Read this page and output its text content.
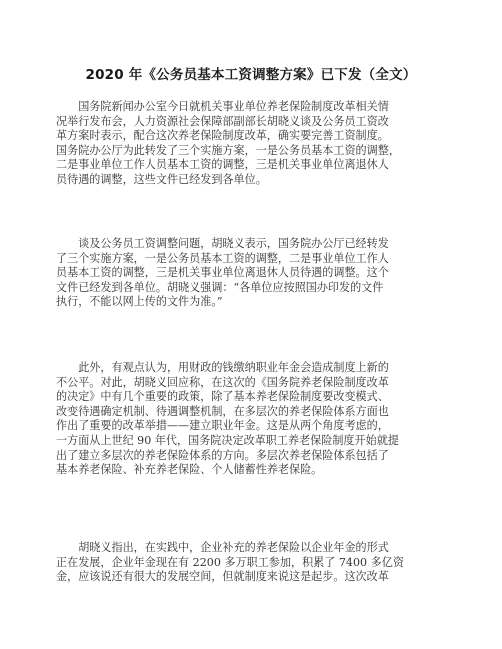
2020 年《公务员基本工资调整方案》已下发（全文）
　　国务院新闻办公室今日就机关事业单位养老保险制度改革相关情
况举行发布会，人力资源社会保障部副部长胡晓义谈及公务员工资改
革方案时表示，配合这次养老保险制度改革，确实要完善工资制度。
国务院办公厅为此转发了三个实施方案，一是公务员基本工资的调整，
二是事业单位工作人员基本工资的调整，三是机关事业单位离退休人
员待遇的调整，这些文件已经发到各单位。
　　谈及公务员工资调整问题，胡晓义表示，国务院办公厅已经转发
了三个实施方案，一是公务员基本工资的调整，二是事业单位工作人
员基本工资的调整，三是机关事业单位离退休人员待遇的调整。这个
文件已经发到各单位。胡晓义强调：“各单位应按照国办印发的文件
执行，不能以网上传的文件为准。”
　　此外，有观点认为，用财政的钱缴纳职业年金会造成制度上新的
不公平。对此，胡晓义回应称，在这次的《国务院养老保险制度改革
的决定》中有几个重要的政策，除了基本养老保险制度要改变模式、
改变待遇确定机制、待遇调整机制，在多层次的养老保险体系方面也
作出了重要的改革举措——建立职业年金。这是从两个角度考虑的，
一方面从上世纪 90 年代，国务院决定改革职工养老保险制度开始就提
出了建立多层次的养老保险体系的方向。多层次养老保险体系包括了
基本养老保险、补充养老保险、个人储蓄性养老保险。
　　胡晓义指出，在实践中，企业补充的养老保险以企业年金的形式
正在发展，企业年金现在有 2200 多万职工参加，积累了 7400 多亿资
金，应该说还有很大的发展空间，但就制度来说这是起步。这次改革
